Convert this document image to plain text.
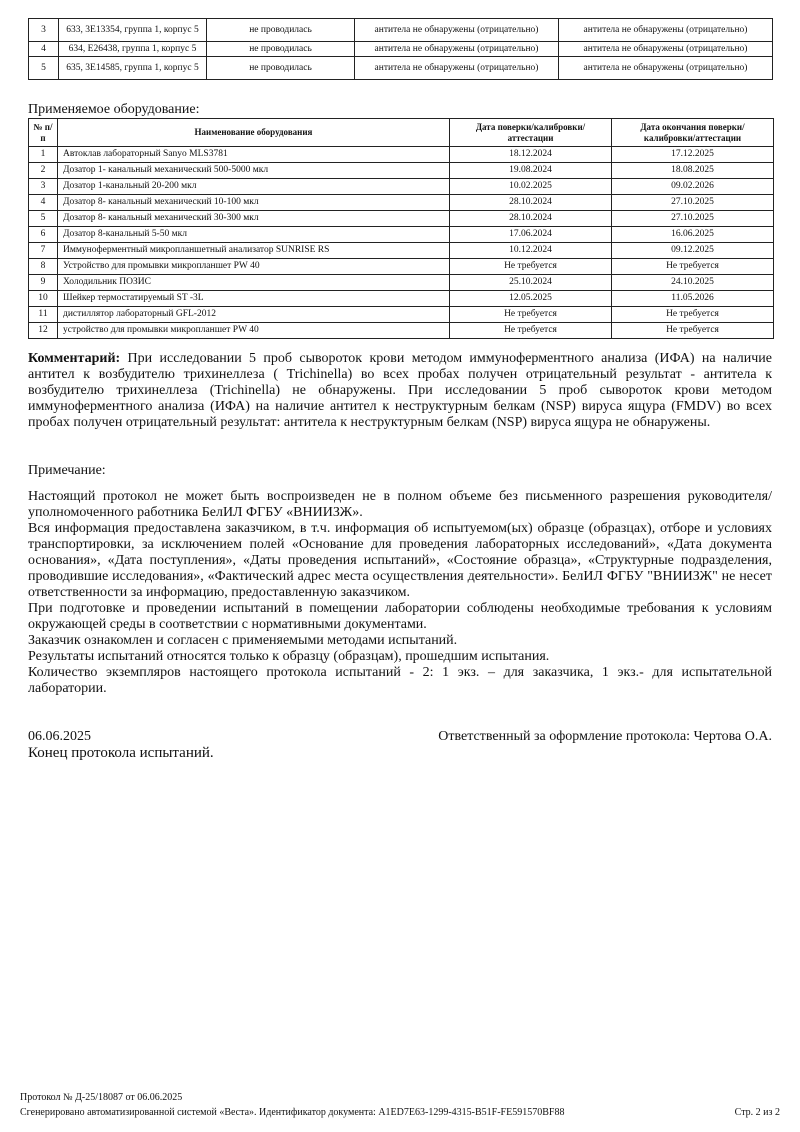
3	633, 3E13354, группа 1, корпус 5	не проводилась	антитела не обнаружены (отрицательно)	антитела не обнаружены (отрицательно)
4	634, E26438, группа 1, корпус 5	не проводилась	антитела не обнаружены (отрицательно)	антитела не обнаружены (отрицательно)
5	635, 3E14585, группа 1, корпус 5	не проводилась	антитела не обнаружены (отрицательно)	антитела не обнаружены (отрицательно)
Применяемое оборудование:
№ п/п	Наименование оборудования	Дата поверки/калибровки/аттестации	Дата окончания поверки/калибровки/аттестации
1	Автоклав лабораторный Sanyo MLS3781	18.12.2024	17.12.2025
2	Дозатор 1- канальный механический 500-5000 мкл	19.08.2024	18.08.2025
3	Дозатор 1-канальный 20-200 мкл	10.02.2025	09.02.2026
4	Дозатор 8- канальный механический 10-100 мкл	28.10.2024	27.10.2025
5	Дозатор 8- канальный механический 30-300 мкл	28.10.2024	27.10.2025
6	Дозатор 8-канальный 5-50 мкл	17.06.2024	16.06.2025
7	Иммуноферментный микропланшетный анализатор SUNRISE RS	10.12.2024	09.12.2025
8	Устройство для промывки микропланшет PW 40	Не требуется	Не требуется
9	Холодильник ПОЗИС	25.10.2024	24.10.2025
10	Шейкер термостатируемый ST -3L	12.05.2025	11.05.2026
11	дистиллятор лабораторный GFL-2012	Не требуется	Не требуется
12	устройство для промывки микропланшет PW 40	Не требуется	Не требуется
Комментарий: При исследовании 5 проб сывороток крови методом иммуноферментного анализа (ИФА) на наличие антител к возбудителю трихинеллеза ( Trichinella) во всех пробах получен отрицательный результат - антитела к возбудителю трихинеллеза (Trichinella) не обнаружены. При исследовании 5 проб сывороток крови методом иммуноферментного анализа (ИФА) на наличие антител к неструктурным белкам (NSP) вируса ящура (FMDV) во всех пробах получен отрицательный результат: антитела к неструктурным белкам (NSP) вируса ящура не обнаружены.
Примечание:
Настоящий протокол не может быть воспроизведен не в полном объеме без письменного разрешения руководителя/уполномоченного работника БелИЛ ФГБУ «ВНИИЗЖ».
Вся информация предоставлена заказчиком, в т.ч. информация об испытуемом(ых) образце (образцах), отборе и условиях транспортировки, за исключением полей «Основание для проведения лабораторных исследований», «Дата документа основания», «Дата поступления», «Даты проведения испытаний», «Состояние образца», «Структурные подразделения, проводившие исследования», «Фактический адрес места осуществления деятельности». БелИЛ ФГБУ "ВНИИЗЖ" не несет ответственности за информацию, предоставленную заказчиком.
При подготовке и проведении испытаний в помещении лаборатории соблюдены необходимые требования к условиям окружающей среды в соответствии с нормативными документами.
Заказчик ознакомлен и согласен с применяемыми методами испытаний.
Результаты испытаний относятся только к образцу (образцам), прошедшим испытания.
Количество экземпляров настоящего протокола испытаний - 2: 1 экз. – для заказчика, 1 экз.- для испытательной лаборатории.
06.06.2025	Ответственный за оформление протокола: Чертова О.А.
Конец протокола испытаний.
Протокол № Д-25/18087 от 06.06.2025
Сгенерировано автоматизированной системой «Веста». Идентификатор документа: A1ED7E63-1299-4315-B51F-FE591570BF88	Стр. 2 из 2
